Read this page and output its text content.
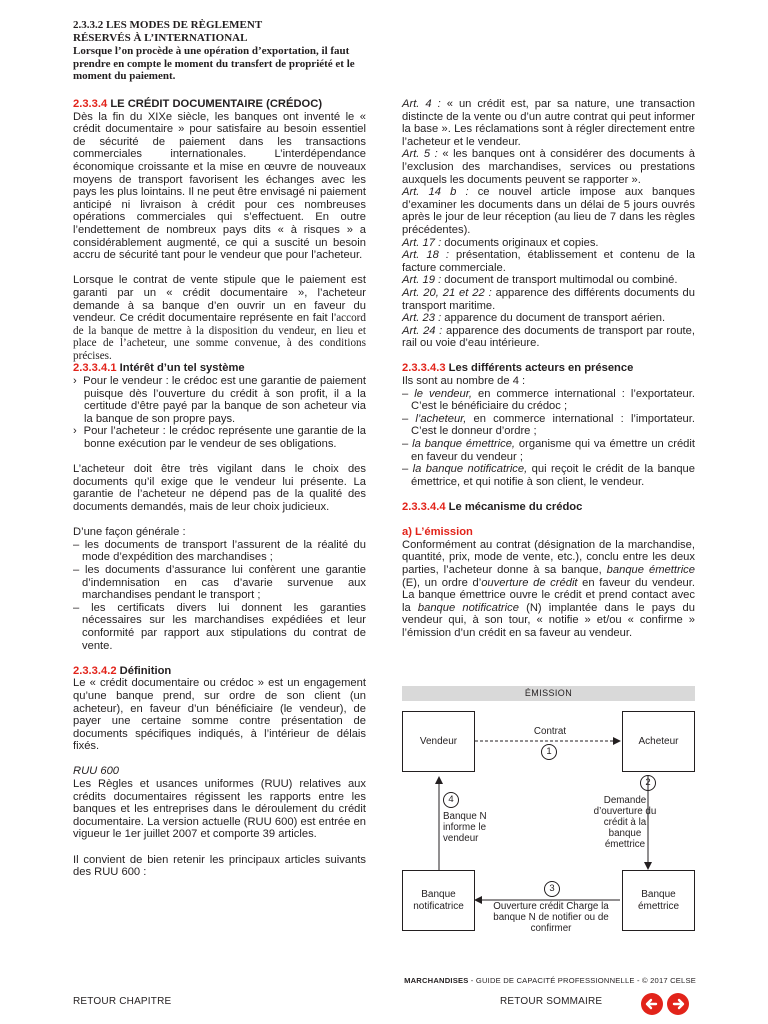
2.3.3.2 LES MODES DE RÈGLEMENT
RÉSERVÉS À L’INTERNATIONAL
Lorsque l’on procède à une opération d’exportation, il faut prendre en compte le moment du transfert de propriété et le moment du paiement.

2.3.3.4 LE CRÉDIT DOCUMENTAIRE (CRÉDOC)

Dès la fin du XIXe siècle, les banques ont inventé le « crédit documentaire » pour satisfaire au besoin essentiel de sécurité de paiement dans les transactions commerciales internationales. L’interdépendance économique croissante et la mise en œuvre de nouveaux moyens de transport favorisent les échanges avec les pays les plus lointains. Il ne peut être envisagé ni paiement anticipé ni livraison à crédit pour ces nombreuses opérations commerciales qui s’effectuent. En outre l’endettement de nombreux pays dits « à risques » a considérablement augmenté, ce qui a suscité un besoin accru de sécurité tant pour le vendeur que pour l’acheteur.

Lorsque le contrat de vente stipule que le paiement est garanti par un « crédit documentaire », l’acheteur demande à sa banque d’en ouvrir un en faveur du vendeur. Ce crédit documentaire représente en fait l’accord de la banque de mettre à la disposition du vendeur, en lieu et place de l’acheteur, une somme convenue, à des conditions précises.

2.3.3.4.1 Intérêt d’un tel système

›  Pour le vendeur : le crédoc est une garantie de paiement puisque dès l’ouverture du crédit à son profit, il a la certitude d’être payé par la banque de son acheteur via la banque de son propre pays.

›  Pour l’acheteur : le crédoc représente une garantie de la bonne exécution par le vendeur de ses obligations.

L’acheteur doit être très vigilant dans le choix des documents qu’il exige que le vendeur lui présente. La garantie de l’acheteur ne dépend pas de la qualité des documents demandés, mais de leur choix judicieux.

D’une façon générale :

– les documents de transport l’assurent de la réalité du mode d’expédition des marchandises ;

– les documents d’assurance lui confèrent une garantie d’indemnisation en cas d’avarie survenue aux marchandises pendant le transport ;

– les certificats divers lui donnent les garanties nécessaires sur les marchandises expédiées et leur conformité par rapport aux stipulations du contrat de vente.

2.3.3.4.2 Définition

Le « crédit documentaire ou crédoc » est un engagement qu’une banque prend, sur ordre de son client (un acheteur), en faveur d’un bénéficiaire (le vendeur), de payer une certaine somme contre présentation de documents spécifiques indiqués, à l’intérieur de délais fixés.

RUU 600

Les Règles et usances uniformes (RUU) relatives aux crédits documentaires régissent les rapports entre les banques et les entreprises dans le déroulement du crédit documentaire. La version actuelle (RUU 600) est entrée en vigueur le 1er juillet 2007 et comporte 39 articles.

Il convient de bien retenir les principaux articles suivants des RUU 600 :

Art. 4 : « un crédit est, par sa nature, une transaction distincte de la vente ou d’un autre contrat qui peut informer la base ». Les réclamations sont à régler directement entre l’acheteur et le vendeur.

Art. 5 : « les banques ont à considérer des documents à l’exclusion des marchandises, services ou prestations auxquels les documents peuvent se rapporter ».

Art. 14 b : ce nouvel article impose aux banques d’examiner les documents dans un délai de 5 jours ouvrés après le jour de leur réception (au lieu de 7 dans les règles précédentes).

Art. 17 : documents originaux et copies.

Art. 18 : présentation, établissement et contenu de la facture commerciale.

Art. 19 : document de transport multimodal ou combiné.

Art. 20, 21 et 22 : apparence des différents documents du transport maritime.

Art. 23 : apparence du document de transport aérien.

Art. 24 : apparence des documents de transport par route, rail ou voie d’eau intérieure.

2.3.3.4.3 Les différents acteurs en présence

Ils sont au nombre de 4 :

– le vendeur, en commerce international : l’exportateur. C’est le bénéficiaire du crédoc ;

– l’acheteur, en commerce international : l’importateur. C’est le donneur d’ordre ;

– la banque émettrice, organisme qui va émettre un crédit en faveur du vendeur ;

– la banque notificatrice, qui reçoit le crédit de la banque émettrice, et qui notifie à son client, le vendeur.

2.3.3.4.4 Le mécanisme du crédoc

a) L’émission

Conformément au contrat (désignation de la marchandise, quantité, prix, mode de vente, etc.), conclu entre les deux parties, l’acheteur donne à sa banque, banque émettrice (E), un ordre d’ouverture de crédit en faveur du vendeur. La banque émettrice ouvre le crédit et prend contact avec la banque notificatrice (N) implantée dans le pays du vendeur qui, à son tour, « notifie » et/ou « confirme » l’émission d’un crédit en sa faveur au vendeur.

ÉMISSION
Vendeur	Acheteur
Banque notificatrice
Banque émettrice
Contrat
1
2
Demande d’ouverture du crédit à la banque émettrice
3
Ouverture crédit Charge la banque N de notifier ou de confirmer
4
Banque N informe le vendeur
MARCHANDISES - GUIDE DE CAPACITÉ PROFESSIONNELLE - © 2017 CELSE
RETOUR CHAPITRE	RETOUR SOMMAIRE
